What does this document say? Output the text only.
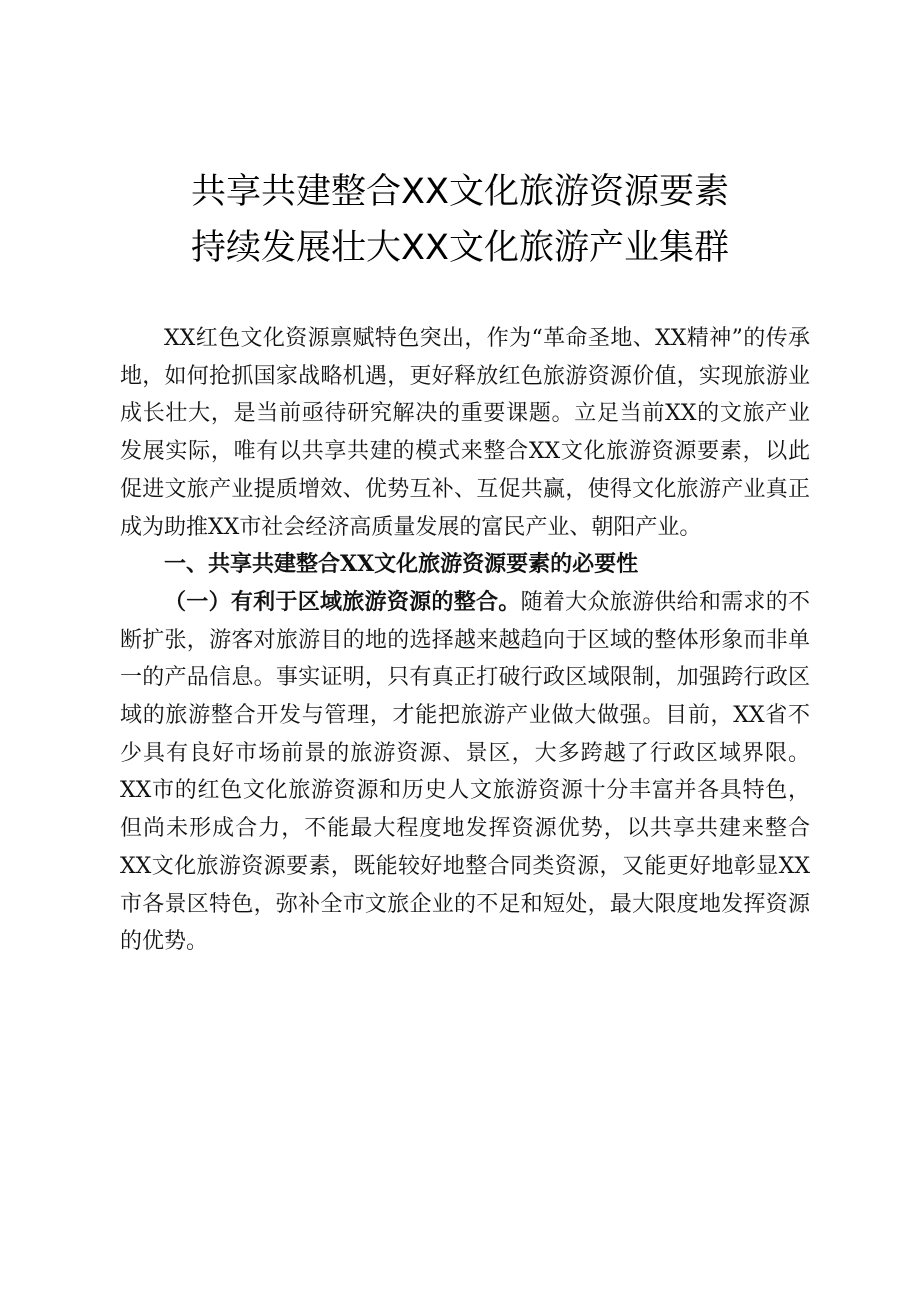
共享共建整合XX文化旅游资源要素
持续发展壮大XX文化旅游产业集群

XX红色文化资源禀赋特色突出，作为“革命圣地、XX精神”的传承地，如何抢抓国家战略机遇，更好释放红色旅游资源价值，实现旅游业成长壮大，是当前亟待研究解决的重要课题。立足当前XX的文旅产业发展实际，唯有以共享共建的模式来整合XX文化旅游资源要素，以此促进文旅产业提质增效、优势互补、互促共赢，使得文化旅游产业真正成为助推XX市社会经济高质量发展的富民产业、朝阳产业。

一、共享共建整合XX文化旅游资源要素的必要性

（一）有利于区域旅游资源的整合。随着大众旅游供给和需求的不断扩张，游客对旅游目的地的选择越来越趋向于区域的整体形象而非单一的产品信息。事实证明，只有真正打破行政区域限制，加强跨行政区域的旅游整合开发与管理，才能把旅游产业做大做强。目前，XX省不少具有良好市场前景的旅游资源、景区，大多跨越了行政区域界限。XX市的红色文化旅游资源和历史人文旅游资源十分丰富并各具特色，但尚未形成合力，不能最大程度地发挥资源优势，以共享共建来整合XX文化旅游资源要素，既能较好地整合同类资源，又能更好地彰显XX市各景区特色，弥补全市文旅企业的不足和短处，最大限度地发挥资源的优势。
